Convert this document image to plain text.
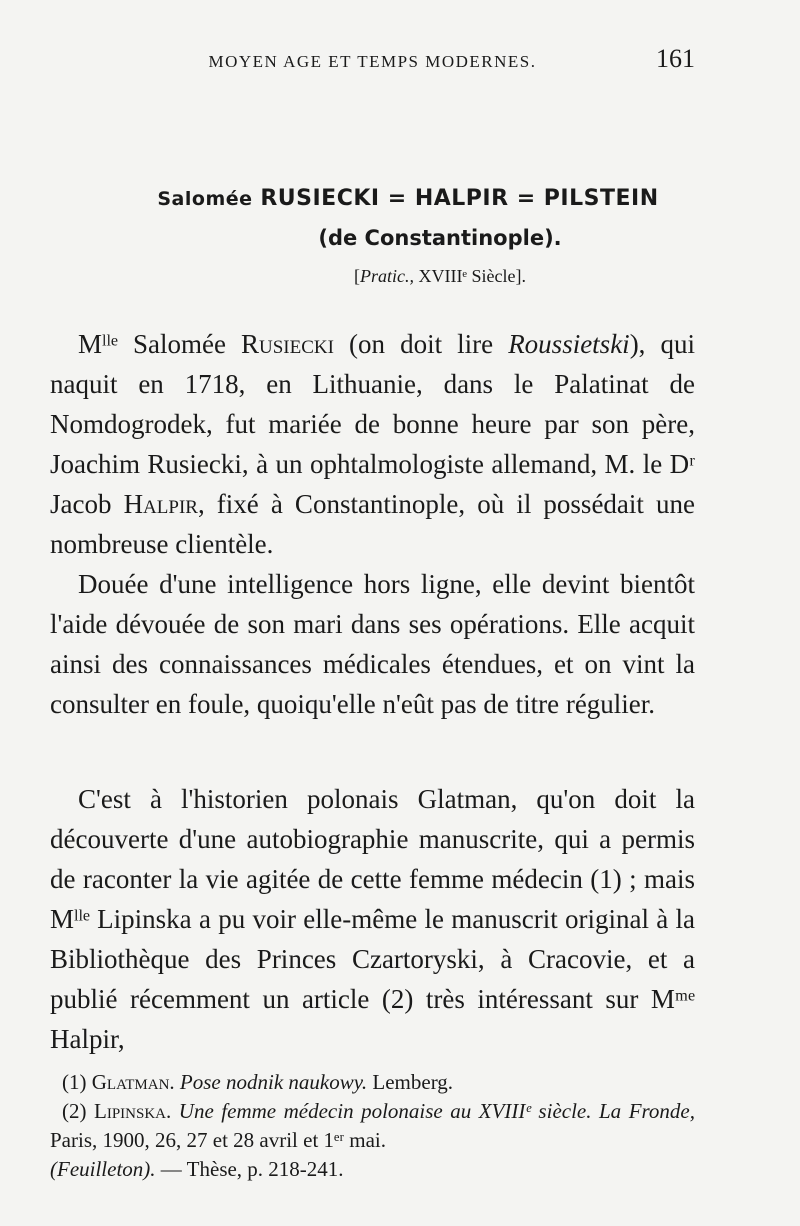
MOYEN AGE ET TEMPS MODERNES.	161
Salomée RUSIECKI = HALPIR = PILSTEIN
(de Constantinople).
[Pratic., XVIIIᵉ Siècle].
Mˡˡᵉ Salomée Rusiecki (on doit lire Roussietski), qui naquit en 1718, en Lithuanie, dans le Palatinat de Nomdogrodek, fut mariée de bonne heure par son père, Joachim Rusiecki, à un ophtalmologiste allemand, M. le Dʳ Jacob Halpir, fixé à Constantinople, où il possédait une nombreuse clientèle.
Douée d'une intelligence hors ligne, elle devint bientôt l'aide dévouée de son mari dans ses opérations. Elle acquit ainsi des connaissances médicales étendues, et on vint la consulter en foule, quoiqu'elle n'eût pas de titre régulier.
C'est à l'historien polonais Glatman, qu'on doit la découverte d'une autobiographie manuscrite, qui a permis de raconter la vie agitée de cette femme médecin (1) ; mais Mˡˡᵉ Lipinska a pu voir elle-même le manuscrit original à la Bibliothèque des Princes Czartoryski, à Cracovie, et a publié récemment un article (2) très intéressant sur Mᵐᵉ Halpir,
(1) Glatman. Pose nodnik naukowy. Lemberg.
(2) Lipinska. Une femme médecin polonaise au XVIIIᵉ siècle. La Fronde, Paris, 1900, 26, 27 et 28 avril et 1ᵉʳ mai.
(Feuilleton). — Thèse, p. 218-241.
